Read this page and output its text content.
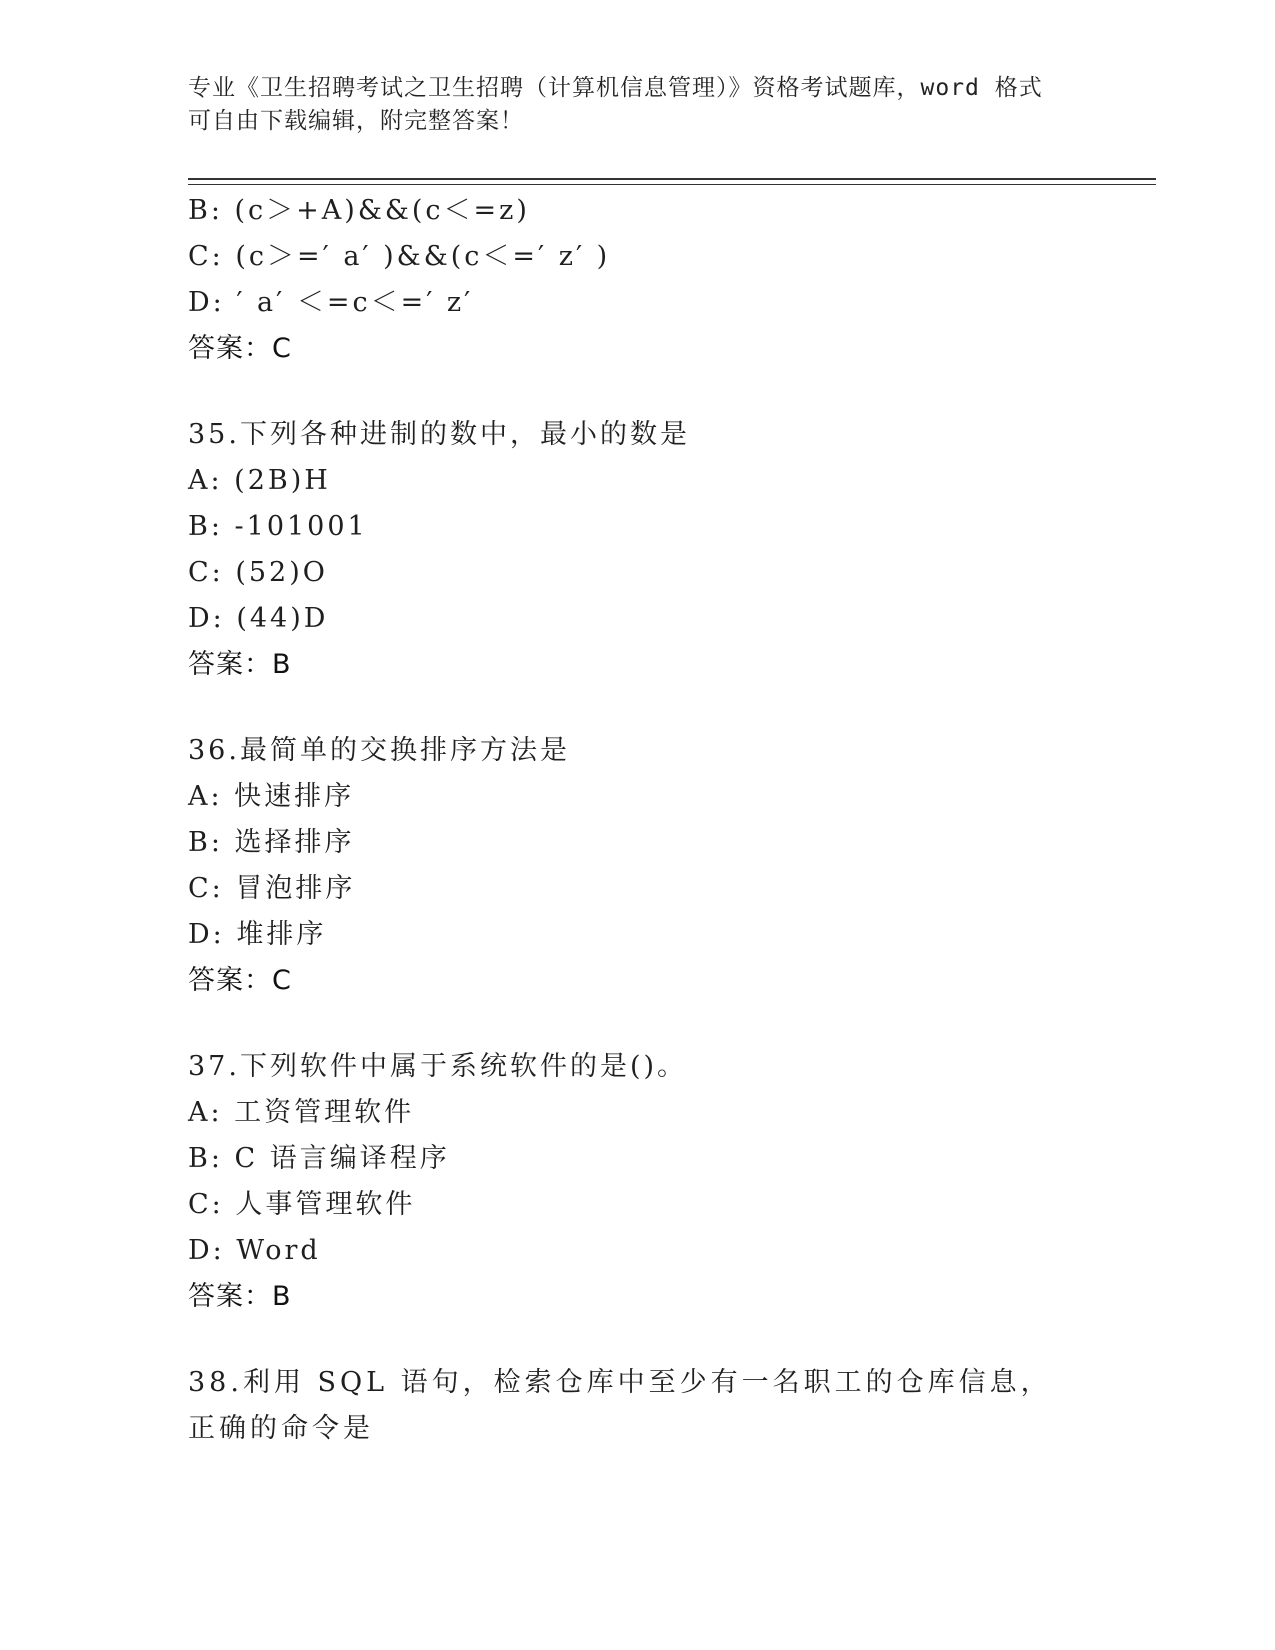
专业《卫生招聘考试之卫生招聘（计算机信息管理）》资格考试题库，word 格式
可自由下载编辑，附完整答案！
B: (c＞+A)&&(c＜=z)
C: (c＞=′ a′ )&&(c＜=′ z′ )
D: ′ a′ ＜=c＜=′ z′
答案：C
35.下列各种进制的数中，最小的数是
A: (2B)H
B: -101001
C: (52)O
D: (44)D
答案：B
36.最简单的交换排序方法是
A: 快速排序
B: 选择排序
C: 冒泡排序
D: 堆排序
答案：C
37.下列软件中属于系统软件的是()。
A: 工资管理软件
B: C 语言编译程序
C: 人事管理软件
D: Word
答案：B
38.利用 SQL 语句，检索仓库中至少有一名职工的仓库信息，正确的命令是
